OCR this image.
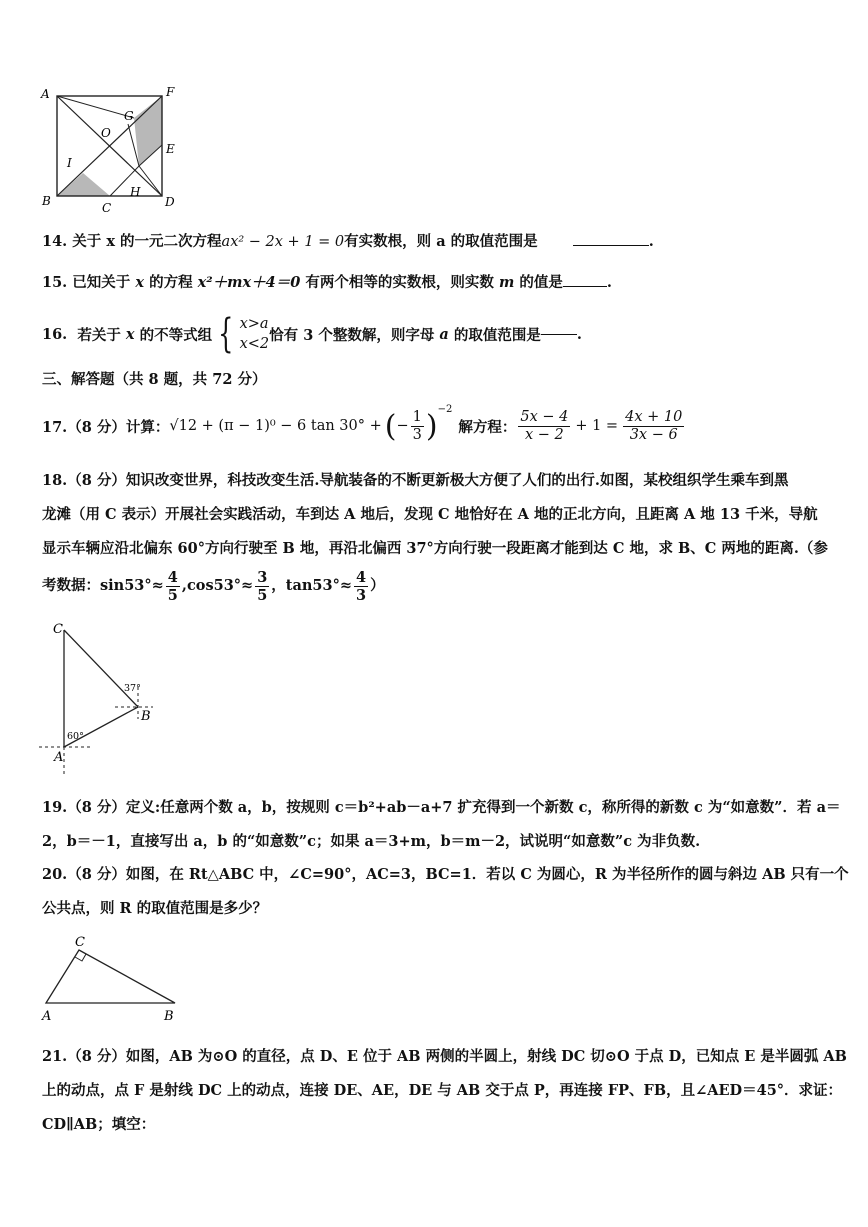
A	F
G
O
E
I
B	C
H
D
14. 关于 x 的一元二次方程ax² − 2x + 1 = 0有实数根，则 a 的取值范围是	.
15. 已知关于 x 的方程 x²＋mx＋4＝0 有两个相等的实数根，则实数 m 的值是	.
16.
若关于
x
的不等式组 { x>a
x<2
恰有 3 个整数解，则字母
a
的取值范围是 .
三、解答题（共 8 题，共 72 分）
17.（8 分） 计算： √12 + (π − 1)⁰ − 6 tan 30° + ( − $\frac{1}{3}$ ) −2
解方程： $\frac{5x - 4}{x - 2} + 1 = \frac{4x + 10}{3x - 6}$
18.（8 分）知识改变世界，科技改变生活.导航装备的不断更新极大方便了人们的出行.如图，某校组织学生乘车到黑
龙滩（用 C 表示）开展社会实践活动，车到达 A 地后，发现 C 地恰好在 A 地的正北方向，且距离 A 地 13 千米，导航
显示车辆应沿北偏东 60°方向行驶至 B 地，再沿北偏西 37°方向行驶一段距离才能到达 C 地，求 B、C 两地的距离.（参
考数据：$\sin 53^\circ\approx \frac{4}{5} ,\cos 53^\circ\approx \frac{3}{5}$ ，$\tan 53^\circ\approx \frac{4}{3}$ ）
C
B
A
37°
60°
19.（8 分）定义:任意两个数 a，b，按规则 c＝b²+ab－a+7 扩充得到一个新数 c，称所得的新数 c 为“如意数”．若 a＝
2，b＝－1，直接写出 a，b 的“如意数”c；如果 a＝3+m，b＝m－2，试说明“如意数”c 为非负数.
20.（8 分）如图，在 Rt△ABC 中，∠C=90°，AC=3，BC=1．若以 C 为圆心，R 为半径所作的圆与斜边 AB 只有一个
公共点，则 R 的取值范围是多少？
C
A	B
21.（8 分）如图，AB 为⊙O 的直径，点 D、E 位于 AB 两侧的半圆上，射线 DC 切⊙O 于点 D，已知点 E 是半圆弧 AB
上的动点，点 F 是射线 DC 上的动点，连接 DE、AE，DE 与 AB 交于点 P，再连接 FP、FB，且∠AED＝45°．求证：
CD∥AB；填空：
